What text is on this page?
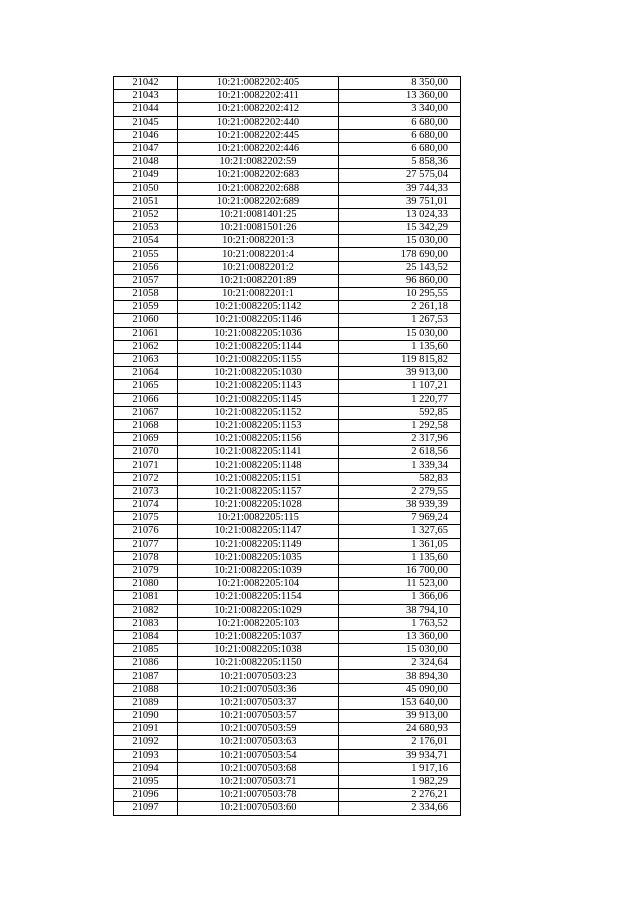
21042	10:21:0082202:405	8 350,00
21043	10:21:0082202:411	13 360,00
21044	10:21:0082202:412	3 340,00
21045	10:21:0082202:440	6 680,00
21046	10:21:0082202:445	6 680,00
21047	10:21:0082202:446	6 680,00
21048	10:21:0082202:59	5 858,36
21049	10:21:0082202:683	27 575,04
21050	10:21:0082202:688	39 744,33
21051	10:21:0082202:689	39 751,01
21052	10:21:0081401:25	13 024,33
21053	10:21:0081501:26	15 342,29
21054	10:21:0082201:3	15 030,00
21055	10:21:0082201:4	178 690,00
21056	10:21:0082201:2	25 143,52
21057	10:21:0082201:89	96 860,00
21058	10:21:0082201:1	10 295,55
21059	10:21:0082205:1142	2 261,18
21060	10:21:0082205:1146	1 267,53
21061	10:21:0082205:1036	15 030,00
21062	10:21:0082205:1144	1 135,60
21063	10:21:0082205:1155	119 815,82
21064	10:21:0082205:1030	39 913,00
21065	10:21:0082205:1143	1 107,21
21066	10:21:0082205:1145	1 220,77
21067	10:21:0082205:1152	592,85
21068	10:21:0082205:1153	1 292,58
21069	10:21:0082205:1156	2 317,96
21070	10:21:0082205:1141	2 618,56
21071	10:21:0082205:1148	1 339,34
21072	10:21:0082205:1151	582,83
21073	10:21:0082205:1157	2 279,55
21074	10:21:0082205:1028	38 939,39
21075	10:21:0082205:115	7 969,24
21076	10:21:0082205:1147	1 327,65
21077	10:21:0082205:1149	1 361,05
21078	10:21:0082205:1035	1 135,60
21079	10:21:0082205:1039	16 700,00
21080	10:21:0082205:104	11 523,00
21081	10:21:0082205:1154	1 366,06
21082	10:21:0082205:1029	38 794,10
21083	10:21:0082205:103	1 763,52
21084	10:21:0082205:1037	13 360,00
21085	10:21:0082205:1038	15 030,00
21086	10:21:0082205:1150	2 324,64
21087	10:21:0070503:23	38 894,30
21088	10:21:0070503:36	45 090,00
21089	10:21:0070503:37	153 640,00
21090	10:21:0070503:57	39 913,00
21091	10:21:0070503:59	24 680,93
21092	10:21:0070503:63	2 176,01
21093	10:21:0070503:54	39 934,71
21094	10:21:0070503:68	1 917,16
21095	10:21:0070503:71	1 982,29
21096	10:21:0070503:78	2 276,21
21097	10:21:0070503:60	2 334,66
